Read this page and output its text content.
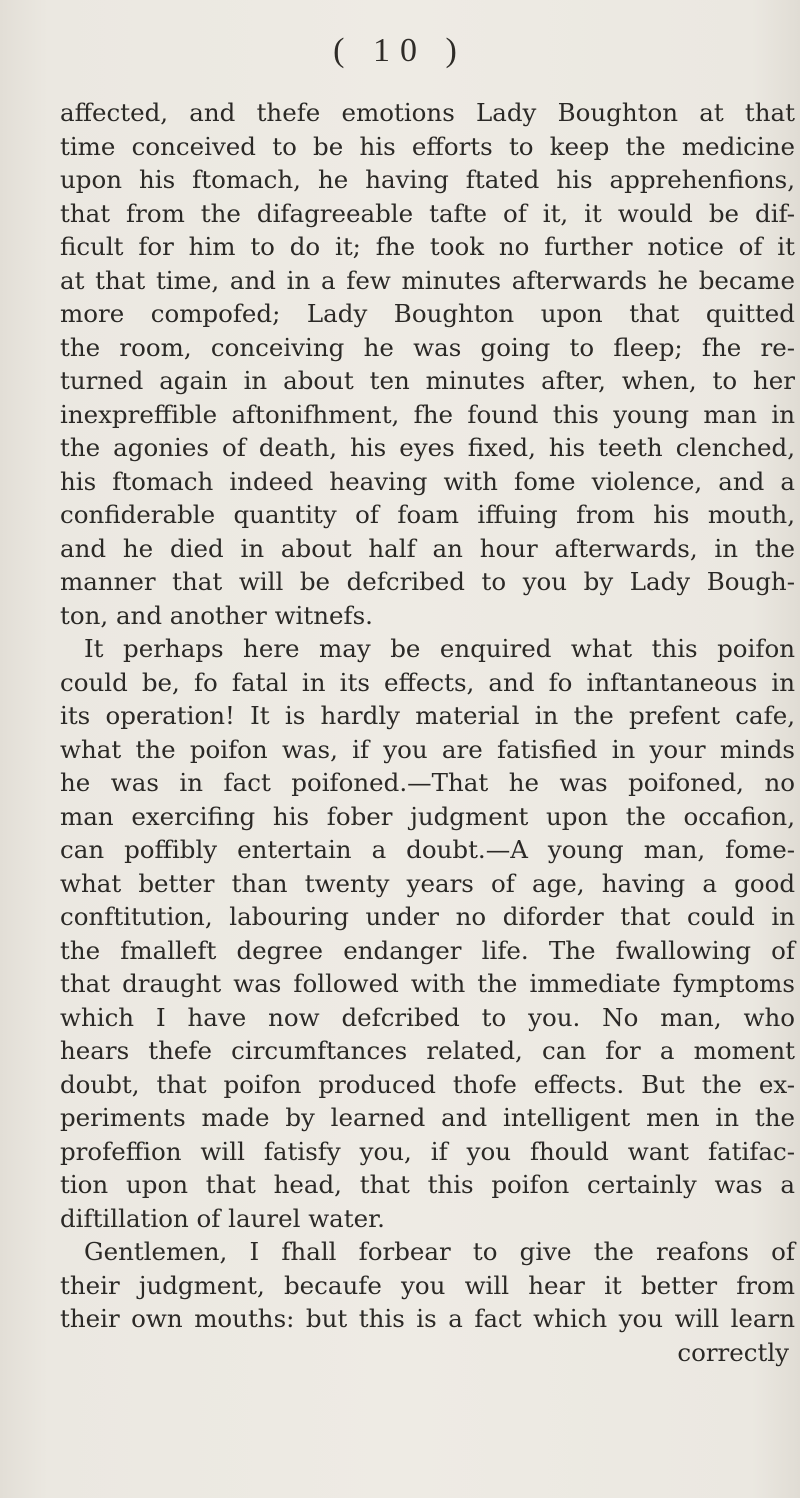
( 10 )
affected, and thefe emotions Lady Boughton at that
time conceived to be his efforts to keep the medicine
upon his ftomach, he having ftated his apprehenfions,
that from the difagreeable tafte of it, it would be dif-
ficult for him to do it; fhe took no further notice of it
at that time, and in a few minutes afterwards he became
more compofed; Lady Boughton upon that quitted
the room, conceiving he was going to fleep; fhe re-
turned again in about ten minutes after, when, to her
inexpreffible aftonifhment, fhe found this young man in
the agonies of death, his eyes fixed, his teeth clenched,
his ftomach indeed heaving with fome violence, and a
confiderable quantity of foam iffuing from his mouth,
and he died in about half an hour afterwards, in the
manner that will be defcribed to you by Lady Bough-
ton, and another witnefs.
It perhaps here may be enquired what this poifon
could be, fo fatal in its effects, and fo inftantaneous in
its operation! It is hardly material in the prefent cafe,
what the poifon was, if you are fatisfied in your minds
he was in fact poifoned.—That he was poifoned, no
man exercifing his fober judgment upon the occafion,
can poffibly entertain a doubt.—A young man, fome-
what better than twenty years of age, having a good
conftitution, labouring under no diforder that could in
the fmalleft degree endanger life. The fwallowing of
that draught was followed with the immediate fymptoms
which I have now defcribed to you. No man, who
hears thefe circumftances related, can for a moment
doubt, that poifon produced thofe effects. But the ex-
periments made by learned and intelligent men in the
profeffion will fatisfy you, if you fhould want fatifac-
tion upon that head, that this poifon certainly was a
diftillation of laurel water.
Gentlemen, I fhall forbear to give the reafons of
their judgment, becaufe you will hear it better from
their own mouths: but this is a fact which you will learn
correctly
